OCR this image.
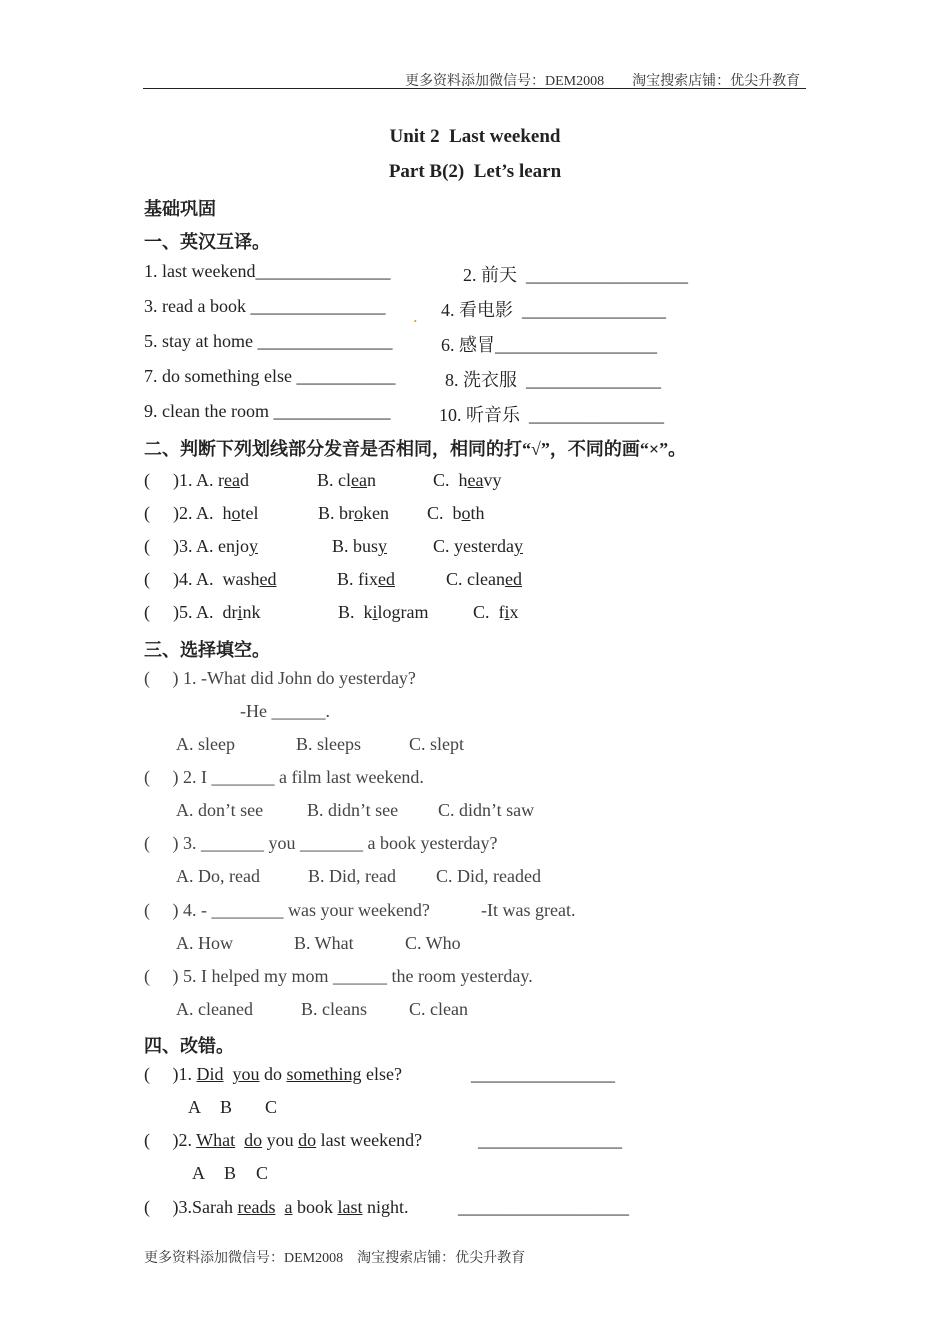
更多资料添加微信号：DEM2008　　淘宝搜索店铺：优尖升教育
Unit 2  Last weekend
Part B(2)  Let’s learn
基础巩固
一、英汉互译。
1. last weekend_______________	2. 前天  __________________
3. read a book _______________ . 4. 看电影  ________________
5. stay at home _______________	6. 感冒__________________
7. do something else ___________	8. 洗衣服  _______________
9. clean the room _____________	10. 听音乐  _______________
二、判断下列划线部分发音是否相同，相同的打“√”，不同的画“×”。
( )1. A. read	B. clean	C.  heavy
( )2. A.  hotel	B. broken C.  both
( )3. A. enjoy	B. busy	C. yesterday
( )4. A.  washed	B. fixed	C. cleaned
( )5. A.  drink	B.  kilogram C.  fix
三、选择填空。
(     ) 1. -What did John do yesterday?
-He ______.
A. sleep	B. sleeps	C. slept
(     ) 2. I _______ a film last weekend.
A. don’t see B. didn’t see C. didn’t saw
(     ) 3. _______ you _______ a book yesterday?
A. Do, read	B. Did, read C. Did, readed
(     ) 4. - ________ was your weekend?	-It was great.
A. How	B. What	C. Who
(     ) 5. I helped my mom ______ the room yesterday.
A. cleaned	B. cleans C. clean
四、改错。
(     )1. Did you do something else?	________________
A B C
(     )2. What do you do last weekend?	________________
A B C
(     )3.Sarah reads a book last night.	___________________
更多资料添加微信号：DEM2008　淘宝搜索店铺：优尖升教育
